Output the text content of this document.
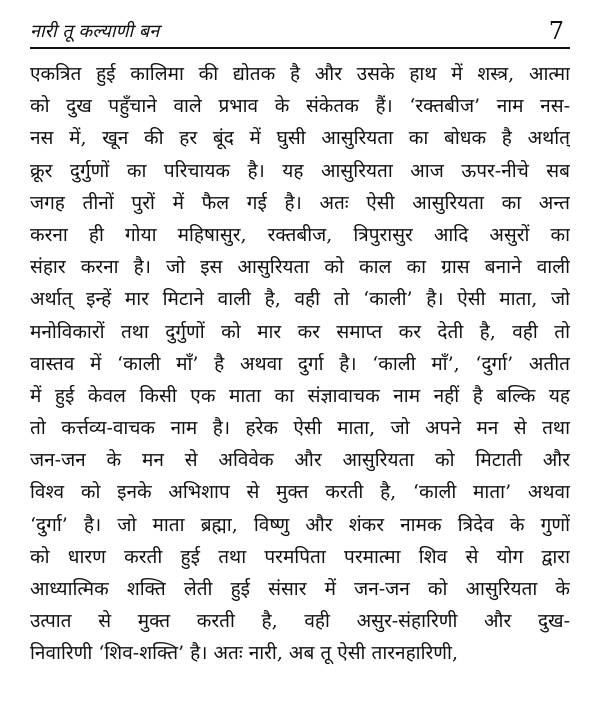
नारी तू कल्याणी बन	7
एकत्रित हुई कालिमा की द्योतक है और उसके हाथ में शस्त्र, आत्मा
को दुख पहुँचाने वाले प्रभाव के संकेतक हैं। ‘रक्तबीज’ नाम नस-
नस में, खून की हर बूंद में घुसी आसुरियता का बोधक है अर्थात्
क्रूर दुर्गुणों का परिचायक है। यह आसुरियता आज ऊपर-नीचे सब
जगह तीनों पुरों में फैल गई है। अतः ऐसी आसुरियता का अन्त
करना ही गोया महिषासुर, रक्तबीज, त्रिपुरासुर आदि असुरों का
संहार करना है। जो इस आसुरियता को काल का ग्रास बनाने वाली
अर्थात् इन्हें मार मिटाने वाली है, वही तो ‘काली’ है। ऐसी माता, जो
मनोविकारों तथा दुर्गुणों को मार कर समाप्त कर देती है, वही तो
वास्तव में ‘काली माँ’ है अथवा दुर्गा है। ‘काली माँ’, ‘दुर्गा’ अतीत
में हुई केवल किसी एक माता का संज्ञावाचक नाम नहीं है बल्कि यह
तो कर्त्तव्य-वाचक नाम है। हरेक ऐसी माता, जो अपने मन से तथा
जन-जन के मन से अविवेक और आसुरियता को मिटाती और
विश्व को इनके अभिशाप से मुक्त करती है, ‘काली माता’ अथवा
‘दुर्गा’ है। जो माता ब्रह्मा, विष्णु और शंकर नामक त्रिदेव के गुणों
को धारण करती हुई तथा परमपिता परमात्मा शिव से योग द्वारा
आध्यात्मिक शक्ति लेती हुई संसार में जन-जन को आसुरियता के
उत्पात से मुक्त करती है, वही असुर-संहारिणी और दुख-
निवारिणी ‘शिव-शक्ति’ है। अतः नारी, अब तू ऐसी तारनहारिणी,
